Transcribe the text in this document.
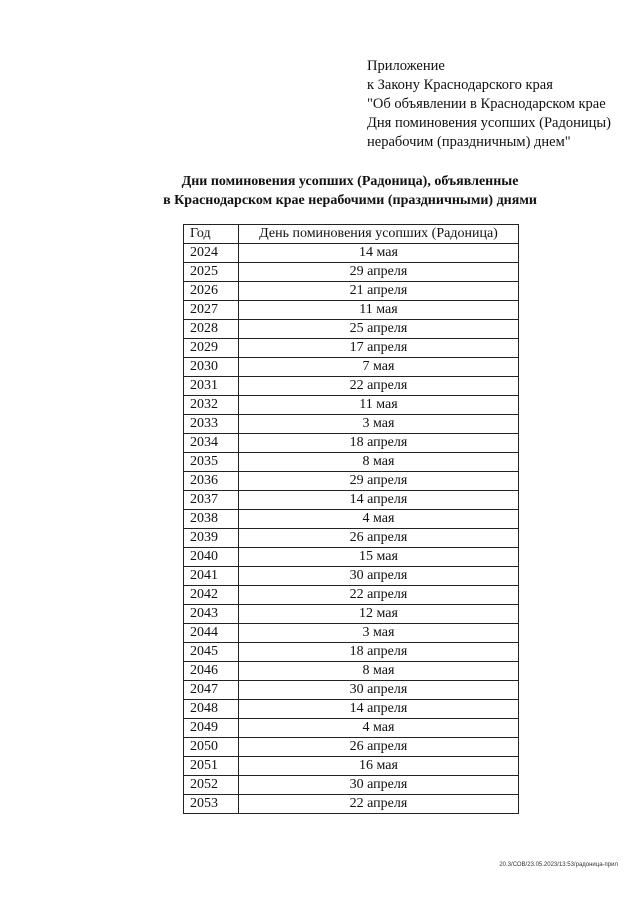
Приложение
к Закону Краснодарского края
"Об объявлении в Краснодарском крае
Дня поминовения усопших (Радоницы)
нерабочим (праздничным) днем"
Дни поминовения усопших (Радоница), объявленные
в Краснодарском крае нерабочими (праздничными) днями
Год	День поминовения усопших (Радоница)
2024	14 мая
2025	29 апреля
2026	21 апреля
2027	11 мая
2028	25 апреля
2029	17 апреля
2030	7 мая
2031	22 апреля
2032	11 мая
2033	3 мая
2034	18 апреля
2035	8 мая
2036	29 апреля
2037	14 апреля
2038	4 мая
2039	26 апреля
2040	15 мая
2041	30 апреля
2042	22 апреля
2043	12 мая
2044	3 мая
2045	18 апреля
2046	8 мая
2047	30 апреля
2048	14 апреля
2049	4 мая
2050	26 апреля
2051	16 мая
2052	30 апреля
2053	22 апреля
20.3/СОВ/23.05.2023/13:53/радоница-прил
